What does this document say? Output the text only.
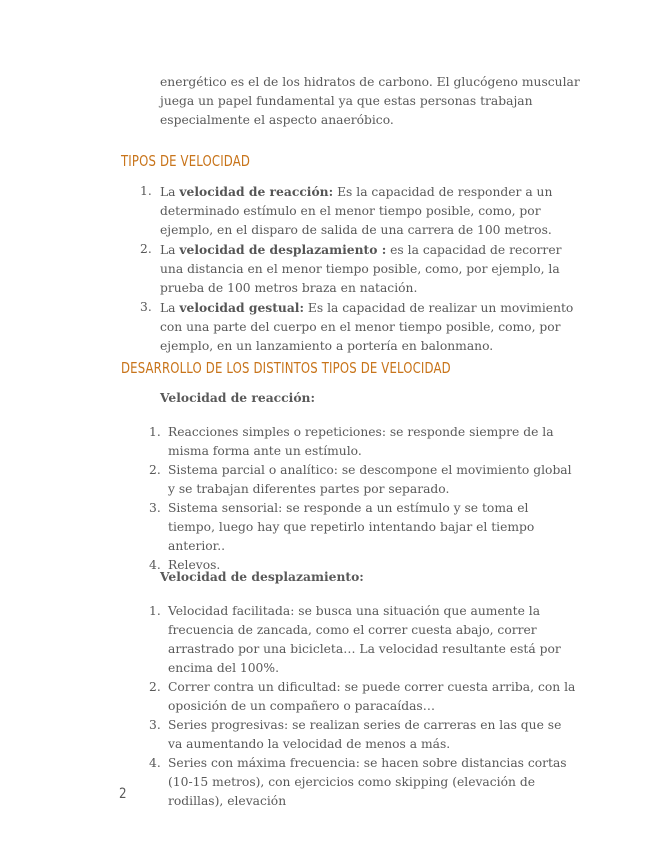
energético es el de los hidratos de carbono. El glucógeno muscular juega un papel fundamental ya que estas personas trabajan especialmente el aspecto anaeróbico.

TIPOS DE VELOCIDAD
1. La velocidad de reacción: Es la capacidad de responder a un determinado estímulo en el menor tiempo posible, como, por ejemplo, en el disparo de salida de una carrera de 100 metros.
2. La velocidad de desplazamiento : es la capacidad de recorrer una distancia en el menor tiempo posible, como, por ejemplo, la prueba de 100 metros braza en natación.
3. La velocidad gestual: Es la capacidad de realizar un movimiento con una parte del cuerpo en el menor tiempo posible, como, por ejemplo, en un lanzamiento a portería en balonmano.
DESARROLLO DE LOS DISTINTOS TIPOS DE VELOCIDAD

Velocidad de reacción:

1. Reacciones simples o repeticiones: se responde siempre de la misma forma ante un estímulo.
2. Sistema parcial o analítico: se descompone el movimiento global y se trabajan diferentes partes por separado.
3. Sistema sensorial: se responde a un estímulo y se toma el tiempo, luego hay que repetirlo intentando bajar el tiempo anterior..
4. Relevos.

Velocidad de desplazamiento:

1. Velocidad facilitada: se busca una situación que aumente la frecuencia de zancada, como el correr cuesta abajo, correr arrastrado por una bicicleta… La velocidad resultante está por encima del 100%.
2. Correr contra un dificultad: se puede correr cuesta arriba, con la oposición de un compañero o paracaídas…
3. Series progresivas: se realizan series de carreras en las que se va aumentando la velocidad de menos a más.
4. Series con máxima frecuencia: se hacen sobre distancias cortas (10-15 metros), con ejercicios como skipping (elevación de rodillas), elevación

2
